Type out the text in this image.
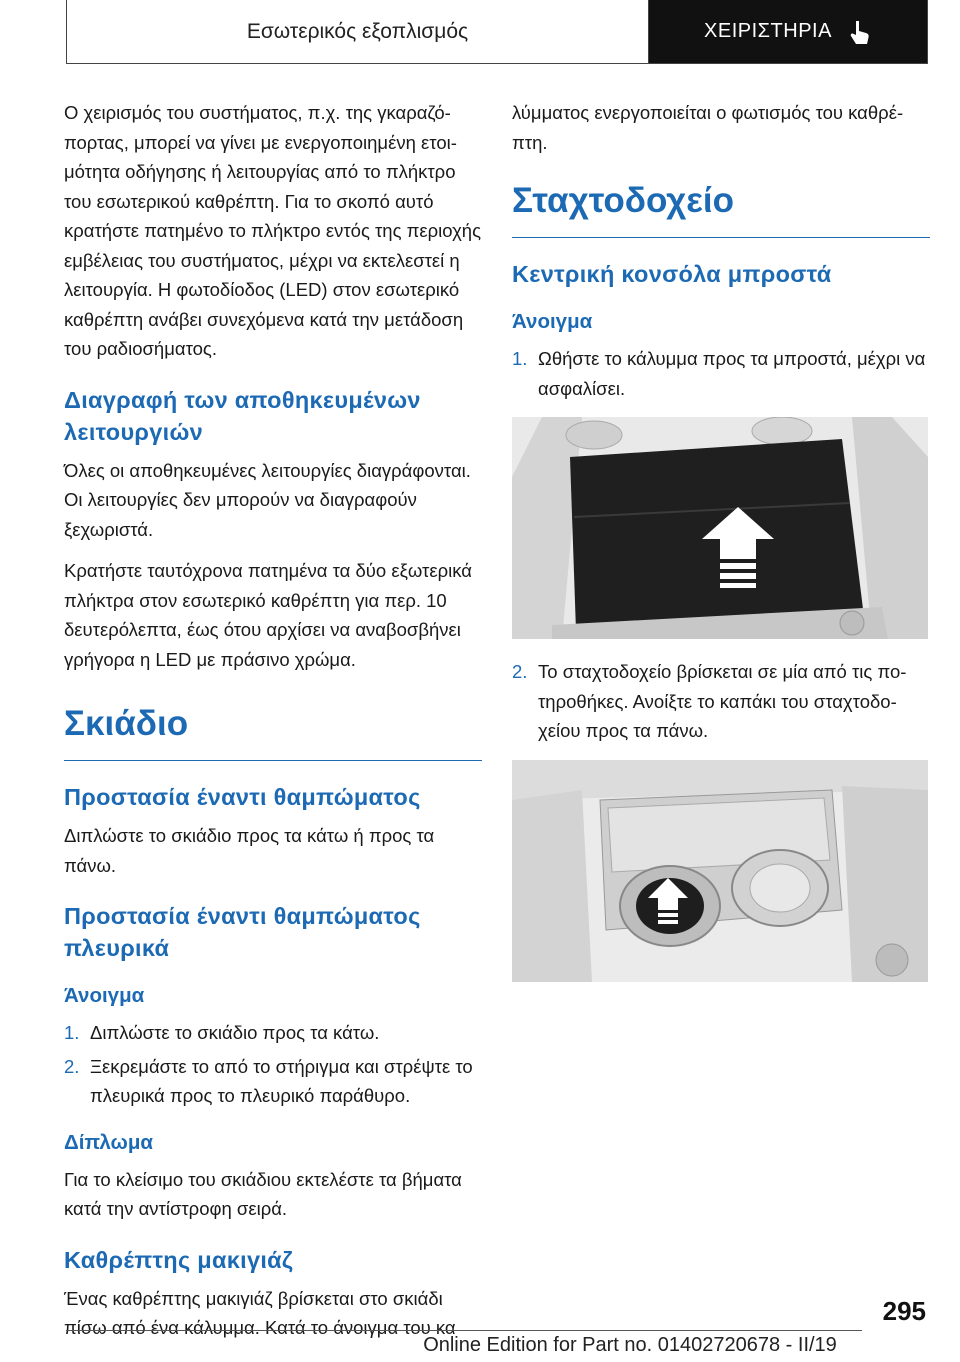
Εσωτερικός εξοπλισμός	ΧΕΙΡΙΣΤΗΡΙΑ

Ο χειρισμός του συστήματος, π.χ. της γκαραζόπορτας, μπορεί να γίνει με ενεργοποιημένη ετοιμότητα οδήγησης ή λειτουργίας από το πλήκτρο του εσωτερικού καθρέπτη. Για το σκοπό αυτό κρατήστε πατημένο το πλήκτρο εντός της περιοχής εμβέλειας του συστήματος, μέχρι να εκτελεστεί η λειτουργία. Η φωτοδίοδος (LED) στον εσωτερικό καθρέπτη ανάβει συνεχόμενα κατά την μετάδοση του ραδιοσήματος.

Διαγραφή των αποθηκευμένων λειτουργιών

Όλες οι αποθηκευμένες λειτουργίες διαγράφονται. Οι λειτουργίες δεν μπορούν να διαγραφούν ξεχωριστά.

Κρατήστε ταυτόχρονα πατημένα τα δύο εξωτερικά πλήκτρα στον εσωτερικό καθρέπτη για περ. 10 δευτερόλεπτα, έως ότου αρχίσει να αναβοσβήνει γρήγορα η LED με πράσινο χρώμα.

Σκιάδιο
Προστασία έναντι θαμπώματος

Διπλώστε το σκιάδιο προς τα κάτω ή προς τα πάνω.

Προστασία έναντι θαμπώματος πλευρικά
Άνοιγμα
1. Διπλώστε το σκιάδιο προς τα κάτω.
2. Ξεκρεμάστε το από το στήριγμα και στρέψτε το πλευρικά προς το πλευρικό παράθυρο.
Δίπλωμα

Για το κλείσιμο του σκιάδιου εκτελέστε τα βήματα κατά την αντίστροφη σειρά.

Καθρέπτης μακιγιάζ

Ένας καθρέπτης μακιγιάζ βρίσκεται στο σκιάδι πίσω από ένα κάλυμμα. Κατά το άνοιγμα του κα

λύμματος ενεργοποιείται ο φωτισμός του καθρέπτη.

Σταχτοδοχείο
Κεντρική κονσόλα μπροστά
Άνοιγμα
1. Ωθήστε το κάλυμμα προς τα μπροστά, μέχρι να ασφαλίσει.
2. Το σταχτοδοχείο βρίσκεται σε μία από τις ποτηροθήκες. Ανοίξτε το καπάκι του σταχτοδοχείου προς τα πάνω.
295
Online Edition for Part no. 01402720678 - II/19
